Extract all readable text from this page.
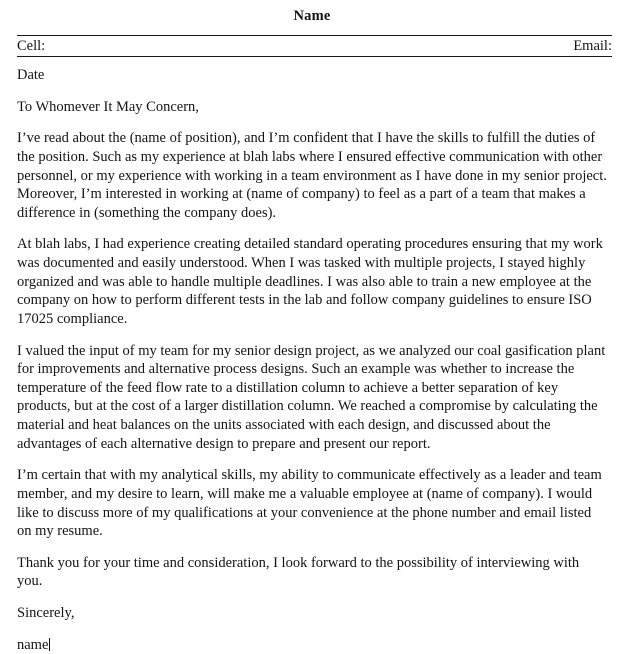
Name
Cell:	Email:

Date

To Whomever It May Concern,

I’ve read about the (name of position), and I’m confident that I have the skills to fulfill the duties of the position. Such as my experience at blah labs where I ensured effective communication with other personnel, or my experience with working in a team environment as I have done in my senior project. Moreover, I’m interested in working at (name of company) to feel as a part of a team that makes a difference in (something the company does).

At blah labs, I had experience creating detailed standard operating procedures ensuring that my work was documented and easily understood. When I was tasked with multiple projects, I stayed highly organized and was able to handle multiple deadlines. I was also able to train a new employee at the company on how to perform different tests in the lab and follow company guidelines to ensure ISO 17025 compliance.

I valued the input of my team for my senior design project, as we analyzed our coal gasification plant for improvements and alternative process designs. Such an example was whether to increase the temperature of the feed flow rate to a distillation column to achieve a better separation of key products, but at the cost of a larger distillation column. We reached a compromise by calculating the material and heat balances on the units associated with each design, and discussed about the advantages of each alternative design to prepare and present our report.

I’m certain that with my analytical skills, my ability to communicate effectively as a leader and team member, and my desire to learn, will make me a valuable employee at (name of company). I would like to discuss more of my qualifications at your convenience at the phone number and email listed on my resume.

Thank you for your time and consideration, I look forward to the possibility of interviewing with you.

Sincerely,

name
